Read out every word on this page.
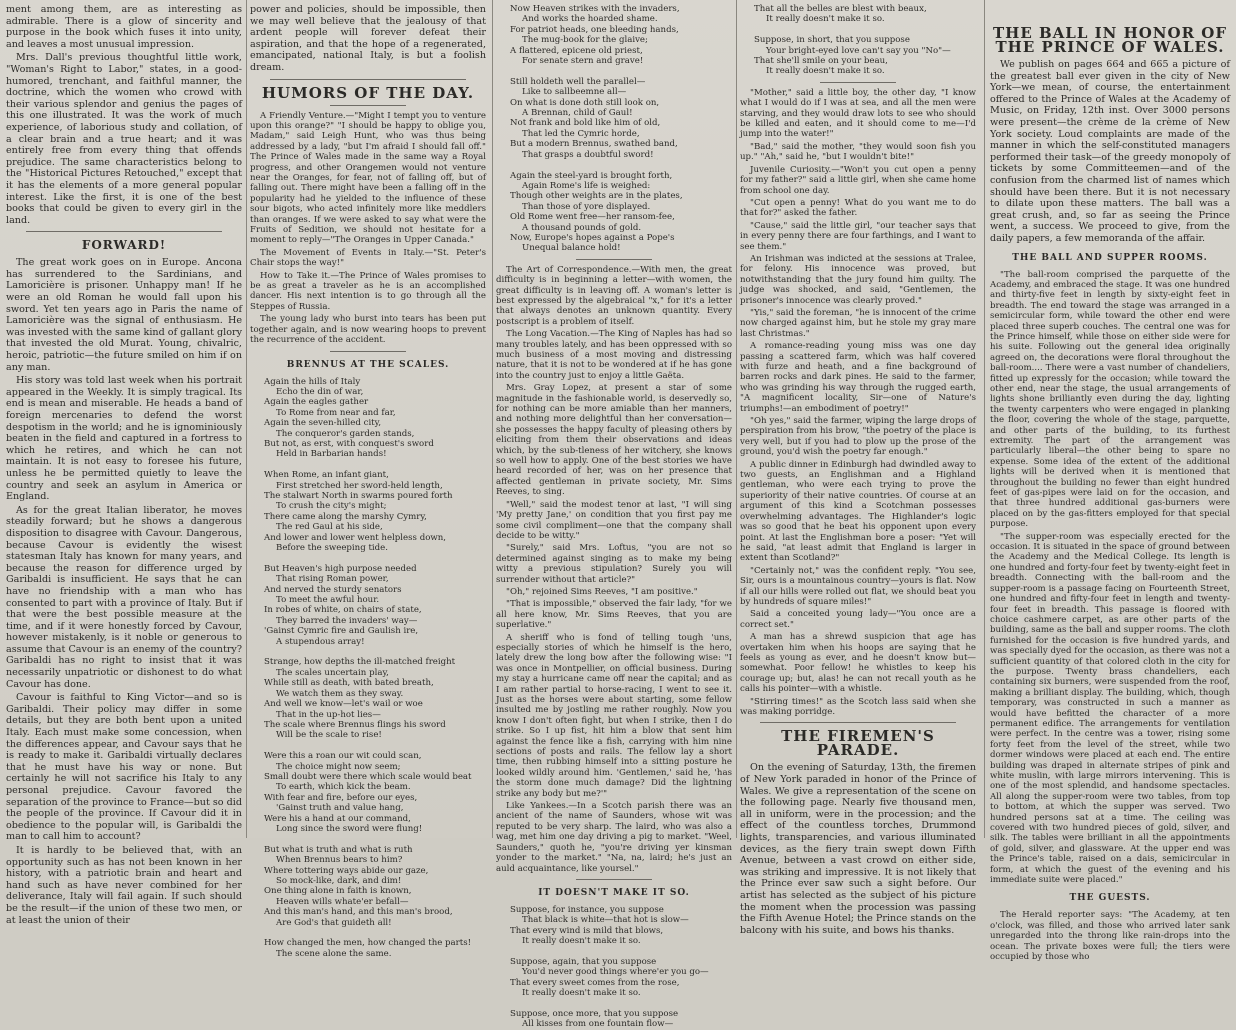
ment among them, are as interesting as admirable. There is a glow of sincerity and purpose in the book which fuses it into unity, and leaves a most unusual impression.

Mrs. Dall's previous thoughtful little work, "Woman's Right to Labor," states, in a good-humored, trenchant, and faithful manner, the doctrine, which the women who crowd with their various splendor and genius the pages of this one illustrated. It was the work of much experience, of laborious study and collation, of a clear brain and a true heart; and it was entirely free from every thing that offends prejudice. The same characteristics belong to the "Historical Pictures Retouched," except that it has the elements of a more general popular interest. Like the first, it is one of the best books that could be given to every girl in the land.

FORWARD!

The great work goes on in Europe. Ancona has surrendered to the Sardinians, and Lamoricière is prisoner. Unhappy man! If he were an old Roman he would fall upon his sword. Yet ten years ago in Paris the name of Lamoricière was the signal of enthusiasm. He was invested with the same kind of gallant glory that invested the old Murat. Young, chivalric, heroic, patriotic—the future smiled on him if on any man.

His story was told last week when his portrait appeared in the Weekly. It is simply tragical. Its end is mean and miserable. He heads a band of foreign mercenaries to defend the worst despotism in the world; and he is ignominiously beaten in the field and captured in a fortress to which he retires, and which he can not maintain. It is not easy to foresee his future, unless he be permitted quietly to leave the country and seek an asylum in America or England.

As for the great Italian liberator, he moves steadily forward; but he shows a dangerous disposition to disagree with Cavour. Dangerous, because Cavour is evidently the wisest statesman Italy has known for many years, and because the reason for difference urged by Garibaldi is insufficient. He says that he can have no friendship with a man who has consented to part with a province of Italy. But if that were the best possible measure at the time, and if it were honestly forced by Cavour, however mistakenly, is it noble or generous to assume that Cavour is an enemy of the country? Garibaldi has no right to insist that it was necessarily unpatriotic or dishonest to do what Cavour has done.

Cavour is faithful to King Victor—and so is Garibaldi. Their policy may differ in some details, but they are both bent upon a united Italy. Each must make some concession, when the differences appear, and Cavour says that he is ready to make it. Garibaldi virtually declares that he must have his way or none. But certainly he will not sacrifice his Italy to any personal prejudice. Cavour favored the separation of the province to France—but so did the people of the province. If Cavour did it in obedience to the popular will, is Garibaldi the man to call him to account?

It is hardly to be believed that, with an opportunity such as has not been known in her history, with a patriotic brain and heart and hand such as have never combined for her deliverance, Italy will fail again. If such should be the result—if the union of these two men, or at least the union of their

power and policies, should be impossible, then we may well believe that the jealousy of that ardent people will forever defeat their aspiration, and that the hope of a regenerated, emancipated, national Italy, is but a foolish dream.

HUMORS OF THE DAY.

A Friendly Venture.—"Might I tempt you to venture upon this orange?" "I should be happy to oblige you, Madam," said Leigh Hunt, who was thus being addressed by a lady, "but I'm afraid I should fall off." The Prince of Wales made in the same way a Royal progress, and other Orangemen would not venture near the Oranges, for fear, not of falling off, but of falling out. There might have been a falling off in the popularity had he yielded to the influence of these sour bigots, who acted infinitely more like meddlers than oranges. If we were asked to say what were the Fruits of Sedition, we should not hesitate for a moment to reply—"The Oranges in Upper Canada."

The Movement of Events in Italy.—"St. Peter's Chair stops the way!"

How to Take it.—The Prince of Wales promises to be as great a traveler as he is an accomplished dancer. His next intention is to go through all the Steppes of Russia.

The young lady who burst into tears has been put together again, and is now wearing hoops to prevent the recurrence of the accident.

BRENNUS AT THE SCALES.

Again the hills of Italy

Echo the din of war,

Again the eagles gather

To Rome from near and far,

Again the seven-hilled city,

The conqueror's garden stands,

But not, as erst, with conquest's sword

Held in Barbarian hands!

When Rome, an infant giant,

First stretched her sword-held length,

The stalwart North in swarms poured forth

To crush the city's might;

There came along the marshy Cymry,

The red Gaul at his side,

And lower and lower went helpless down,

Before the sweeping tide.

But Heaven's high purpose needed

That rising Roman power,

And nerved the sturdy senators

To meet the awful hour.

In robes of white, on chairs of state,

They barred the invaders' way—

'Gainst Cymric fire and Gaulish ire,

A stupendous array!

Strange, how depths the ill-matched freight

The scales uncertain play,

While still as death, with bated breath,

We watch them as they sway.

And well we know—let's wail or woe

That in the up-hot lies—

The scale where Brennus flings his sword

Will be the scale to rise!

Were this a roan our wit could scan,

The choice might now seem;

Small doubt were there which scale would beat

To earth, which kick the beam.

With fear and fire, before our eyes,

'Gainst truth and value hang,

Were his a hand at our command,

Long since the sword were flung!

But what is truth and what is ruth

When Brennus bears to him?

Where tottering ways abide our gaze,

So mock-like, dark, and dim!

One thing alone in faith is known,

Heaven wills whate'er befall—

And this man's hand, and this man's brood,

Are God's that guideth all!

How changed the men, how changed the parts!

The scene alone the same.

Now Heaven strikes with the invaders,

And works the hoarded shame.

For patriot heads, one bleeding hands,

The mug-book for the glaive;

A flattered, epicene old priest,

For senate stern and grave!

Still holdeth well the parallel—

Like to sallbeemne all—

On what is done doth still look on,

A Brennan, child of Gaul!

Not frank and bold like him of old,

That led the Cymric horde,

But a modern Brennus, swathed band,

That grasps a doubtful sword!

Again the steel-yard is brought forth,

Again Rome's life is weighed:

Though other weights are in the plates,

Than those of yore displayed.

Old Rome went free—her ransom-fee,

A thousand pounds of gold.

Now, Europe's hopes against a Pope's

Unequal balance hold!

The Art of Correspondence.—With men, the great difficulty is in beginning a letter—with women, the great difficulty is in leaving off. A woman's letter is best expressed by the algebraical "x," for it's a letter that always denotes an unknown quantity. Every postscript is a problem of itself.

The Long Vacation.—The King of Naples has had so many troubles lately, and has been oppressed with so much business of a most moving and distressing nature, that it is not to be wondered at if he has gone into the country just to enjoy a little Gaëta.

Mrs. Gray Lopez, at present a star of some magnitude in the fashionable world, is deservedly so, for nothing can be more amiable than her manners, and nothing more delightful than her conversation—she possesses the happy faculty of pleasing others by eliciting from them their observations and ideas which, by the sub-tleness of her witchery, she knows so well how to apply. One of the best stories we have heard recorded of her, was on her presence that affected gentleman in private society, Mr. Sims Reeves, to sing.

"Well," said the modest tenor at last, "I will sing 'My pretty Jane,' on condition that you first pay me some civil compliment—one that the company shall decide to be witty."

"Surely," said Mrs. Loftus, "you are not so determined against singing as to make my being witty a previous stipulation? Surely you will surrender without that article?"

"Oh," rejoined Sims Reeves, "I am positive."

"That is impossible," observed the fair lady, "for we all here know, Mr. Sims Reeves, that you are superlative."

A sheriff who is fond of telling tough 'uns, especially stories of which he himself is the hero, lately drew the long bow after the following wise: "I was once in Montpellier, on official business. During my stay a hurricane came off near the capital; and as I am rather partial to horse-racing, I went to see it. Just as the horses were about starting, some fellow insulted me by jostling me rather roughly. Now you know I don't often fight, but when I strike, then I do strike. So I up fist, hit him a blow that sent him against the fence like a fish, carrying with him nine sections of posts and rails. The fellow lay a short time, then rubbing himself into a sitting posture he looked wildly around him. 'Gentlemen,' said he, 'has the storm done much damage? Did the lightning strike any body but me?'"

Like Yankees.—In a Scotch parish there was an ancient of the name of Saunders, whose wit was reputed to be very sharp. The laird, who was also a wag, met him one day driving a pig to market. "Weel, Saunders," quoth he, "you're driving yer kinsman yonder to the market." "Na, na, laird; he's just an auld acquaintance, like yoursel."

IT DOESN'T MAKE IT SO.

Suppose, for instance, you suppose

That black is white—that hot is slow—

That every wind is mild that blows,

It really doesn't make it so.

Suppose, again, that you suppose

You'd never good things where'er you go—

That every sweet comes from the rose,

It really doesn't make it so.

Suppose, once more, that you suppose

All kisses from one fountain flow—

That all the belles are blest with beaux,

It really doesn't make it so.

Suppose, in short, that you suppose

Your bright-eyed love can't say you "No"—

That she'll smile on your beau,

It really doesn't make it so.

"Mother," said a little boy, the other day, "I know what I would do if I was at sea, and all the men were starving, and they would draw lots to see who should be killed and eaten, and it should come to me—I'd jump into the water!"

"Bad," said the mother, "they would soon fish you up." "Ah," said he, "but I wouldn't bite!"

Juvenile Curiosity.—"Won't you cut open a penny for my father?" said a little girl, when she came home from school one day.

"Cut open a penny! What do you want me to do that for?" asked the father.

"Cause," said the little girl, "our teacher says that in every penny there are four farthings, and I want to see them."

An Irishman was indicted at the sessions at Tralee, for felony. His innocence was proved, but notwithstanding that the jury found him guilty. The judge was shocked, and said, "Gentlemen, the prisoner's innocence was clearly proved."

"Yis," said the foreman, "he is innocent of the crime now charged against him, but he stole my gray mare last Christmas."

A romance-reading young miss was one day passing a scattered farm, which was half covered with furze and heath, and a fine background of barren rocks and dark pines. He said to the farmer, who was grinding his way through the rugged earth, "A magnificent locality, Sir—one of Nature's triumphs!—an embodiment of poetry!"

"Oh yes," said the farmer, wiping the large drops of perspiration from his brow, "the poetry of the place is very well, but if you had to plow up the prose of the ground, you'd wish the poetry far enough."

A public dinner in Edinburgh had dwindled away to two guests, an Englishman and a Highland gentleman, who were each trying to prove the superiority of their native countries. Of course at an argument of this kind a Scotchman possesses overwhelming advantages. The Highlander's logic was so good that he beat his opponent upon every point. At last the Englishman bore a poser: "Yet will he said, "at least admit that England is larger in extent than Scotland?"

"Certainly not," was the confident reply. "You see, Sir, ours is a mountainous country—yours is flat. Now if all our hills were rolled out flat, we should beat you by hundreds of square miles!"

Said a conceited young lady—"You once are a correct set."

A man has a shrewd suspicion that age has overtaken him when his hoops are saying that he feels as young as ever, and he doesn't know but—somewhat. Poor fellow! he whistles to keep his courage up; but, alas! he can not recall youth as he calls his pointer—with a whistle.

"Stirring times!" as the Scotch lass said when she was making porridge.

THE FIREMEN'S PARADE.

On the evening of Saturday, 13th, the firemen of New York paraded in honor of the Prince of Wales. We give a representation of the scene on the following page. Nearly five thousand men, all in uniform, were in the procession; and the effect of the countless torches, Drummond lights, transparencies, and various illuminated devices, as the fiery train swept down Fifth Avenue, between a vast crowd on either side, was striking and impressive. It is not likely that the Prince ever saw such a sight before. Our artist has selected as the subject of his picture the moment when the procession was passing the Fifth Avenue Hotel; the Prince stands on the balcony with his suite, and bows his thanks.

THE BALL IN HONOR OF THE PRINCE OF WALES.

We publish on pages 664 and 665 a picture of the greatest ball ever given in the city of New York—we mean, of course, the entertainment offered to the Prince of Wales at the Academy of Music, on Friday, 12th inst. Over 3000 persons were present—the crème de la crème of New York society. Loud complaints are made of the manner in which the self-constituted managers performed their task—of the greedy monopoly of tickets by some Committeemen—and of the confusion from the charmed list of names which should have been there. But it is not necessary to dilate upon these matters. The ball was a great crush, and, so far as seeing the Prince went, a success. We proceed to give, from the daily papers, a few memoranda of the affair.

THE BALL AND SUPPER ROOMS.

"The ball-room comprised the parquette of the Academy, and embraced the stage. It was one hundred and thirty-five feet in length by sixty-eight feet in breadth. The end toward the stage was arranged in a semicircular form, while toward the other end were placed three superb couches. The central one was for the Prince himself, while those on either side were for his suite. Following out the general idea originally agreed on, the decorations were floral throughout the ball-room.... There were a vast number of chandeliers, fitted up expressly for the occasion; while toward the other end, near the stage, the usual arrangements of lights shone brilliantly even during the day, lighting the twenty carpenters who were engaged in planking the floor, covering the whole of the stage, parquette, and other parts of the building, to its furthest extremity. The part of the arrangement was particularly liberal—the other being to spare no expense. Some idea of the extent of the additional lights will be derived when it is mentioned that throughout the building no fewer than eight hundred feet of gas-pipes were laid on for the occasion, and that three hundred additional gas-burners were placed on by the gas-fitters employed for that special purpose.

"The supper-room was especially erected for the occasion. It is situated in the space of ground between the Academy and the Medical College. Its length is one hundred and forty-four feet by twenty-eight feet in breadth. Connecting with the ball-room and the supper-room is a passage facing on Fourteenth Street, one hundred and fifty-four feet in length and twenty-four feet in breadth. This passage is floored with choice cashmere carpet, as are other parts of the building, same as the ball and supper rooms. The cloth furnished for the occasion is five hundred yards, and was specially dyed for the occasion, as there was not a sufficient quantity of that colored cloth in the city for the purpose. Twenty brass chandeliers, each containing six burners, were suspended from the roof, making a brilliant display. The building, which, though temporary, was constructed in such a manner as would have befitted the character of a more permanent edifice. The arrangements for ventilation were perfect. In the centre was a tower, rising some forty feet from the level of the street, while two dormer windows were placed at each end. The entire building was draped in alternate stripes of pink and white muslin, with large mirrors intervening. This is one of the most splendid, and handsome spectacles. All along the supper-room were two tables, from top to bottom, at which the supper was served. Two hundred persons sat at a time. The ceiling was covered with two hundred pieces of gold, silver, and silk. The tables were brilliant in all the appointments of gold, silver, and glassware. At the upper end was the Prince's table, raised on a dais, semicircular in form, at which the guest of the evening and his immediate suite were placed."

THE GUESTS.

The Herald reporter says: "The Academy, at ten o'clock, was filled, and those who arrived later sank unregarded into the throng like rain-drops into the ocean. The private boxes were full; the tiers were occupied by those who
